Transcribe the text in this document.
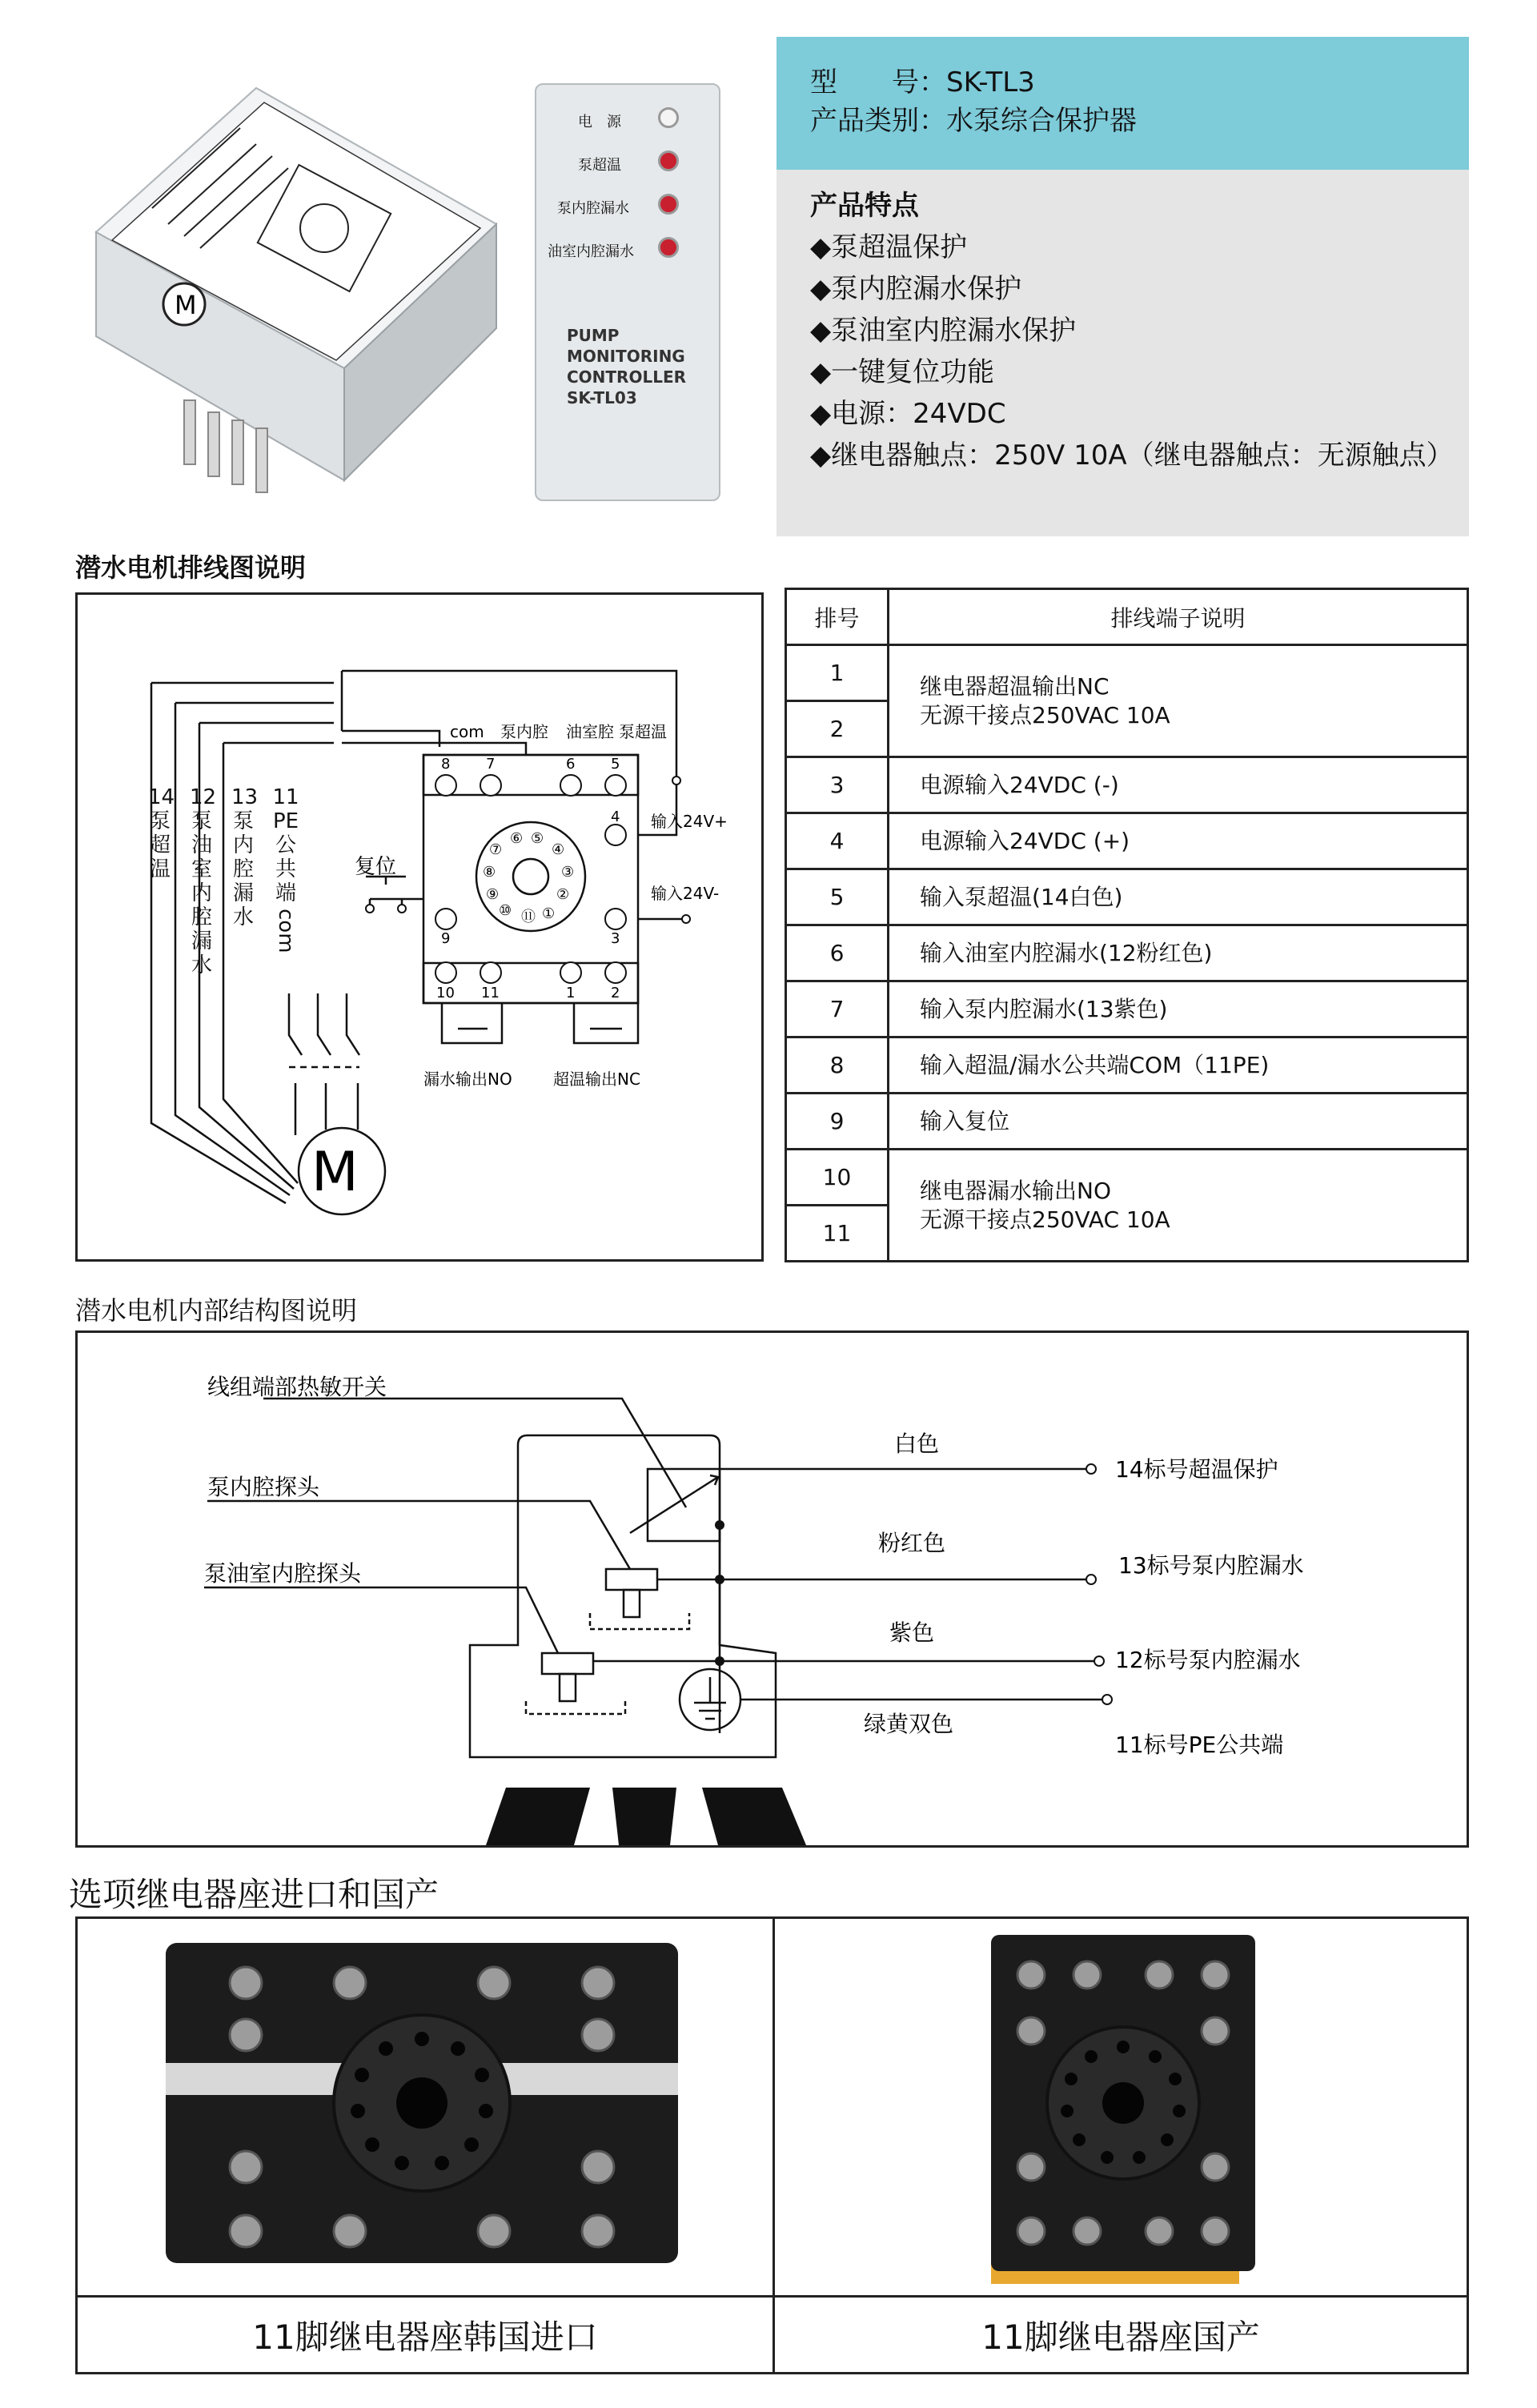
M
电　源
泵超温
泵内腔漏水
油室内腔漏水
PUMP
MONITORING
CONTROLLER
SK-TL03
型　　号：SK-TL3
产品类别：水泵综合保护器
产品特点
◆泵超温保护
◆泵内腔漏水保护
◆泵油室内腔漏水保护
◆一键复位功能
◆电源：24VDC
◆继电器触点：250V 10A（继电器触点：无源触点）
潜水电机排线图说明
com 泵内腔 油室腔 泵超温
8 7	6 5
4
9	3
10 11	1 2
输入24V+
输入24V-
复位
漏水输出NO	超温输出NC
M
⑥ ⑤
⑦	④
⑧	③
⑨	②
⑩ ⑪ ①
14
泵
超
温
12
泵
油
室
内
腔
漏
水
13
泵
内
腔
漏
水
11
PE
公
共
端
com
排号	排线端子说明
1	继电器超温输出NC
无源干接点250VAC 10A

2	
3	电源输入24VDC (-)
4	电源输入24VDC (+)
5	输入泵超温(14白色)
6	输入油室内腔漏水(12粉红色)
7	输入泵内腔漏水(13紫色)
8	输入超温/漏水公共端COM（11PE)
9	输入复位
10	继电器漏水输出NO
无源干接点250VAC 10A

11	
潜水电机内部结构图说明
线组端部热敏开关
泵内腔探头
泵油室内腔探头
白色
粉红色
紫色
绿黄双色
14标号超温保护
13标号泵内腔漏水
12标号泵内腔漏水
11标号PE公共端
选项继电器座进口和国产
11脚继电器座韩国进口	11脚继电器座国产
